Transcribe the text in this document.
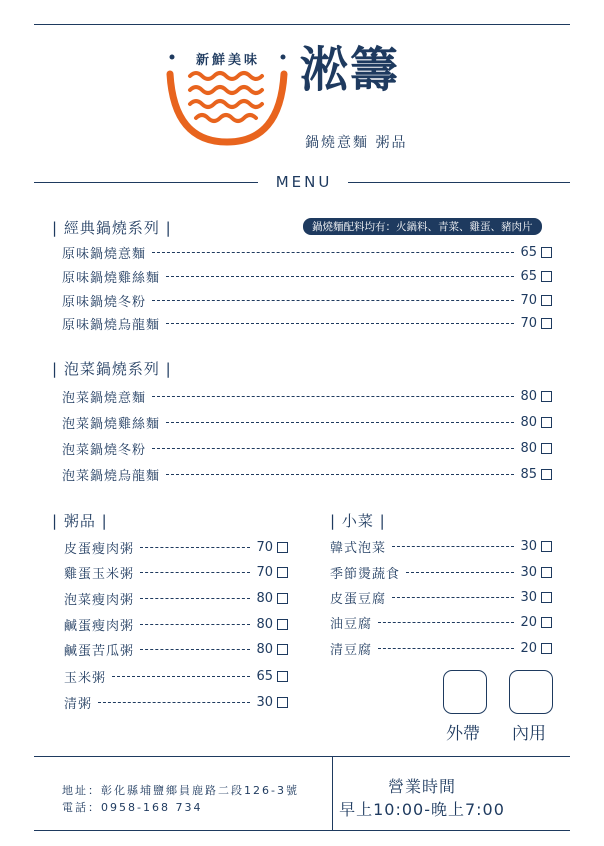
新鮮美味 淞籌
鍋燒意麵 粥品
MENU
| 經典鍋燒系列 |	鍋燒麵配料均有：火鍋料、青菜、雞蛋、豬肉片
原味鍋燒意麵	65
原味鍋燒雞絲麵	65
原味鍋燒冬粉	70
原味鍋燒烏龍麵	70
| 泡菜鍋燒系列 |
泡菜鍋燒意麵	80
泡菜鍋燒雞絲麵	80
泡菜鍋燒冬粉	80
泡菜鍋燒烏龍麵	85
| 粥品 |
皮蛋瘦肉粥	70
雞蛋玉米粥	70
泡菜瘦肉粥	80
鹹蛋瘦肉粥	80
鹹蛋苦瓜粥	80
玉米粥	65
清粥	30
| 小菜 |
韓式泡菜	30
季節燙蔬食	30
皮蛋豆腐	30
油豆腐	20
清豆腐	20
外帶 內用
地址：彰化縣埔鹽鄉員鹿路二段126-3號
電話：0958-168 734
營業時間
早上10:00-晚上7:00
